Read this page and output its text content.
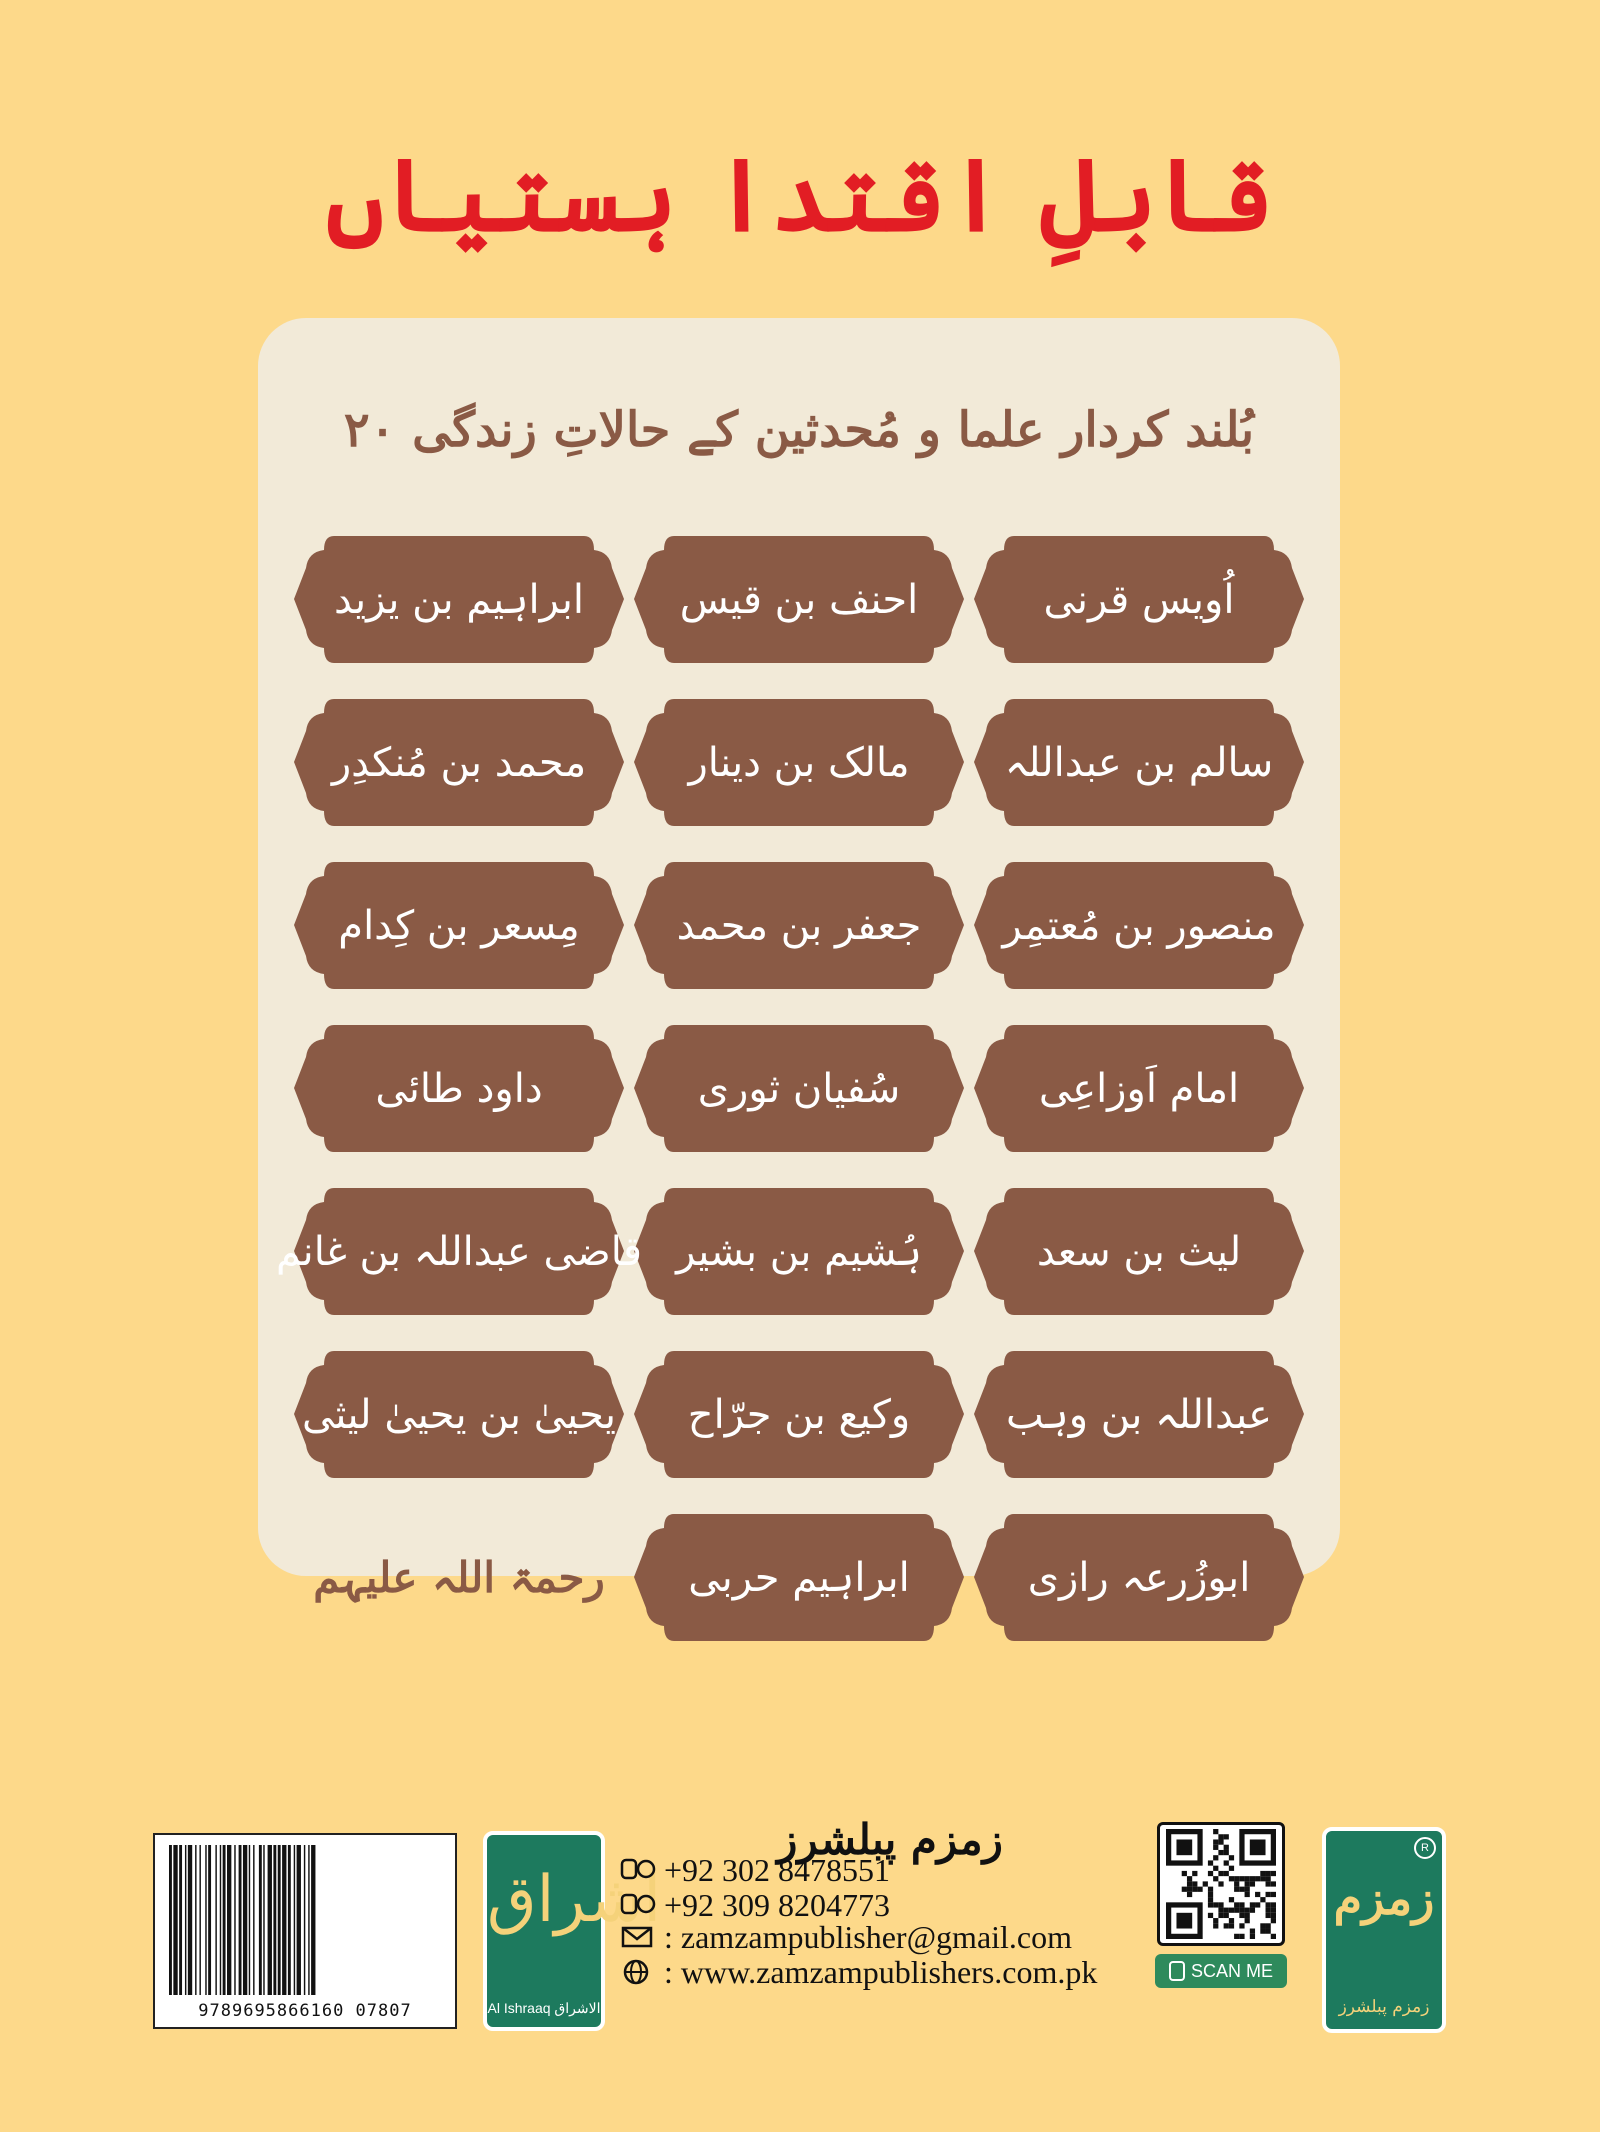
قابلِ اقتدا ہستیاں
۲۰ بُلند کردار علما و مُحدثین کے حالاتِ زندگی
اُویس قرنی
احنف بن قیس
ابراہیم بن یزید
سالم بن عبداللہ
مالک بن دینار
محمد بن مُنکدِر
منصور بن مُعتمِر
جعفر بن محمد
مِسعر بن کِدام
امام اَوزاعِی
سُفیان ثوری
داود طائی
لیث بن سعد
ہُشیم بن بشیر
قاضی عبداللہ بن غانم
عبداللہ بن وہب
وکیع بن جرّاح
یحییٰ بن یحییٰ لیثی
ابوزُرعہ رازی
ابراہیم حربی
رحمۃ اللہ علیہم
9789695866160 07807
اشراق
Al Ishraaq الاشراق
زمزم پبلشرز
+92 302 8478551
+92 309 8204773
: zamzampublisher@gmail.com
: www.zamzampublishers.com.pk	SCAN ME
R
زمزم
زمزم پبلشرز
